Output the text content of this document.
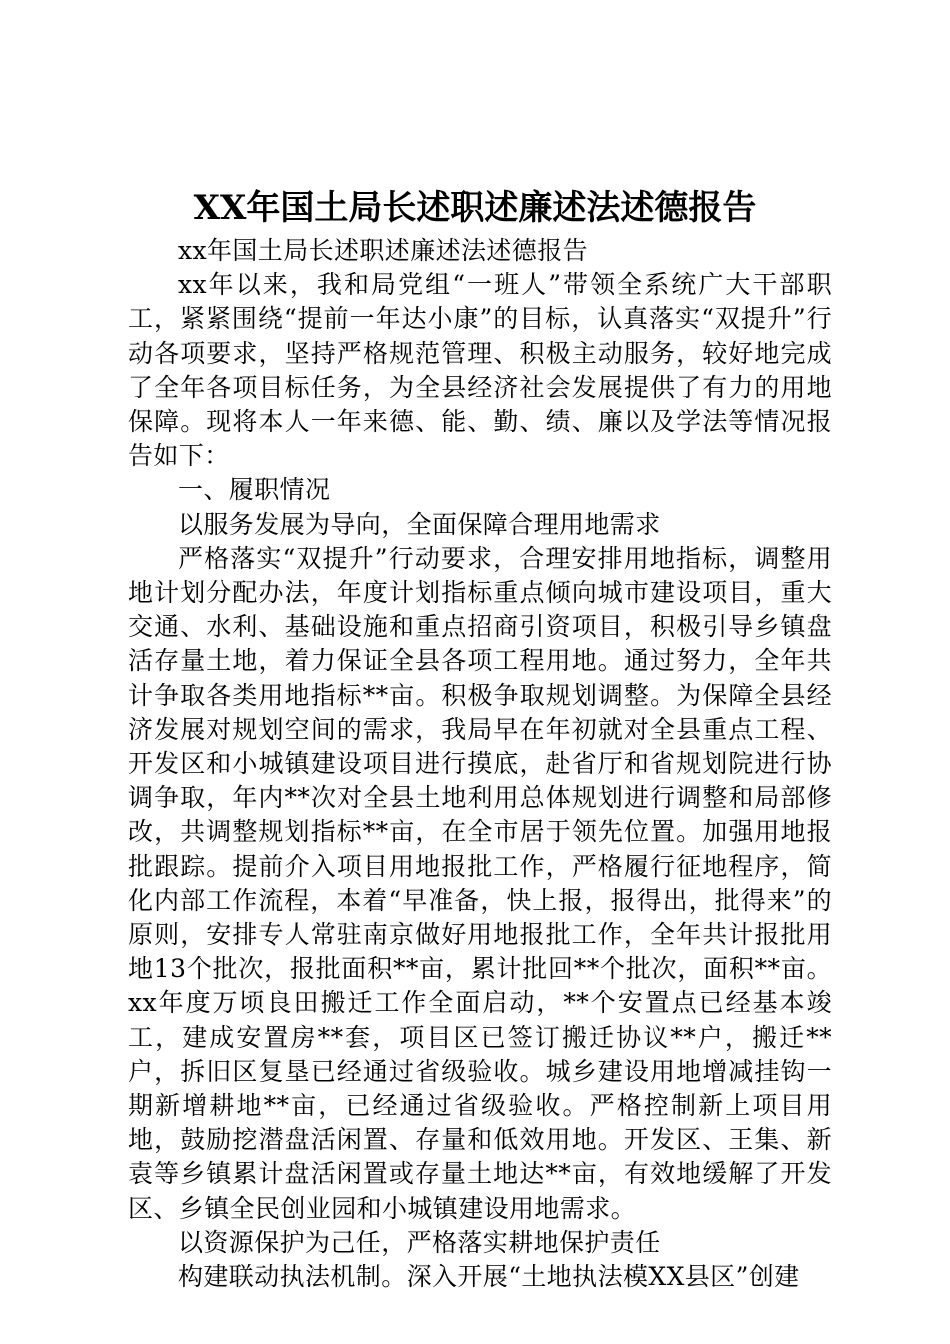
XX年国土局长述职述廉述法述德报告

xx年国土局长述职述廉述法述德报告

xx年以来，我和局党组“一班人”带领全系统广大干部职工，紧紧围绕“提前一年达小康”的目标，认真落实“双提升”行动各项要求，坚持严格规范管理、积极主动服务，较好地完成了全年各项目标任务，为全县经济社会发展提供了有力的用地保障。现将本人一年来德、能、勤、绩、廉以及学法等情况报告如下：

一、履职情况

以服务发展为导向，全面保障合理用地需求

严格落实“双提升”行动要求，合理安排用地指标，调整用地计划分配办法，年度计划指标重点倾向城市建设项目，重大交通、水利、基础设施和重点招商引资项目，积极引导乡镇盘活存量土地，着力保证全县各项工程用地。通过努力，全年共计争取各类用地指标**亩。积极争取规划调整。为保障全县经济发展对规划空间的需求，我局早在年初就对全县重点工程、开发区和小城镇建设项目进行摸底，赴省厅和省规划院进行协调争取，年内**次对全县土地利用总体规划进行调整和局部修改，共调整规划指标**亩，在全市居于领先位置。加强用地报批跟踪。提前介入项目用地报批工作，严格履行征地程序，简化内部工作流程，本着“早准备，快上报，报得出，批得来”的原则，安排专人常驻南京做好用地报批工作，全年共计报批用地13个批次，报批面积**亩，累计批回**个批次，面积**亩。xx年度万顷良田搬迁工作全面启动，**个安置点已经基本竣工，建成安置房**套，项目区已签订搬迁协议**户，搬迁**户，拆旧区复垦已经通过省级验收。城乡建设用地增减挂钩一期新增耕地**亩，已经通过省级验收。严格控制新上项目用地，鼓励挖潜盘活闲置、存量和低效用地。开发区、王集、新袁等乡镇累计盘活闲置或存量土地达**亩，有效地缓解了开发区、乡镇全民创业园和小城镇建设用地需求。

以资源保护为己任，严格落实耕地保护责任

构建联动执法机制。深入开展“土地执法模XX县区”创建
